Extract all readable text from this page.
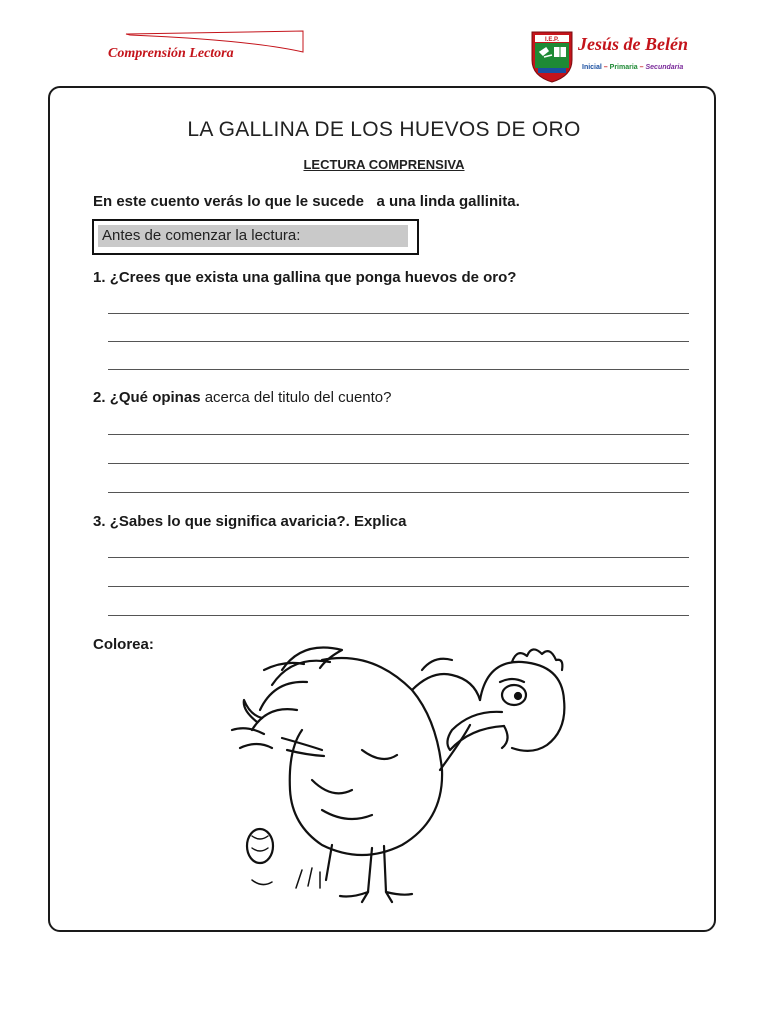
Comprensión Lectora
I.E.P. Jesús de Belén
Inicial – Primaria – Secundaria
LA GALLINA DE LOS HUEVOS DE ORO
LECTURA COMPRENSIVA
En este cuento verás lo que le sucede   a una linda gallinita.
Antes de comenzar la lectura:
1. ¿Crees que exista una gallina que ponga huevos de oro?
2. ¿Qué opinas acerca del titulo del cuento?
3. ¿Sabes lo que significa avaricia?. Explica
Colorea:
